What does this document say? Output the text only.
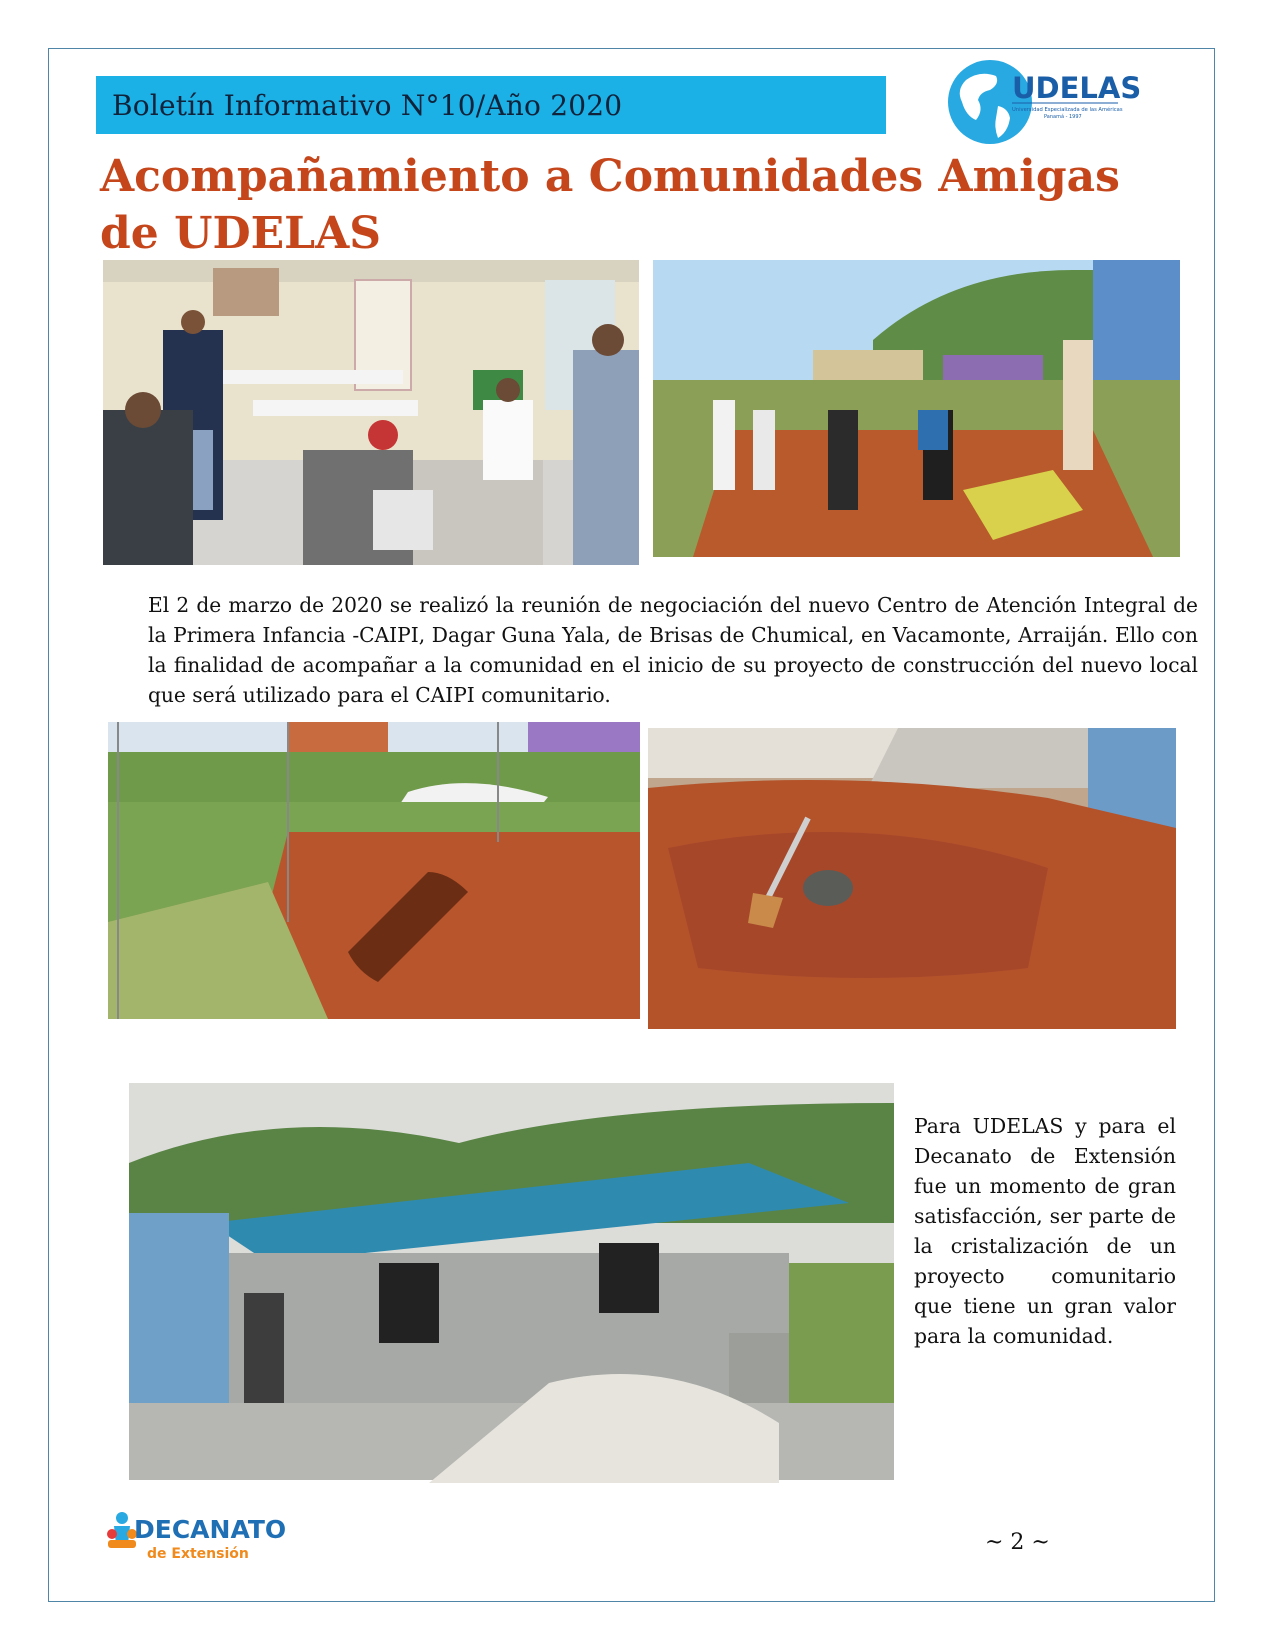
Boletín Informativo N°10/Año 2020	UDELAS
Universidad Especializada de las Américas
Panamá - 1997
Acompañamiento a Comunidades Amigas de UDELAS

El 2 de marzo de 2020 se realizó la reunión de negociación del nuevo Centro de Atención Integral de la Primera Infancia -CAIPI, Dagar Guna Yala, de Brisas de Chumical, en Vacamonte, Arraiján. Ello con la finalidad de acompañar a la comunidad en el inicio de su proyecto de construcción del nuevo local que será utilizado para el CAIPI comunitario.

Para UDELAS y para el Decanato de Extensión fue un momento de gran satisfacción, ser parte de la cristalización de un proyecto comunitario que tiene un gran valor para la comunidad.

DECANATO
de Extensión	~ 2 ~
